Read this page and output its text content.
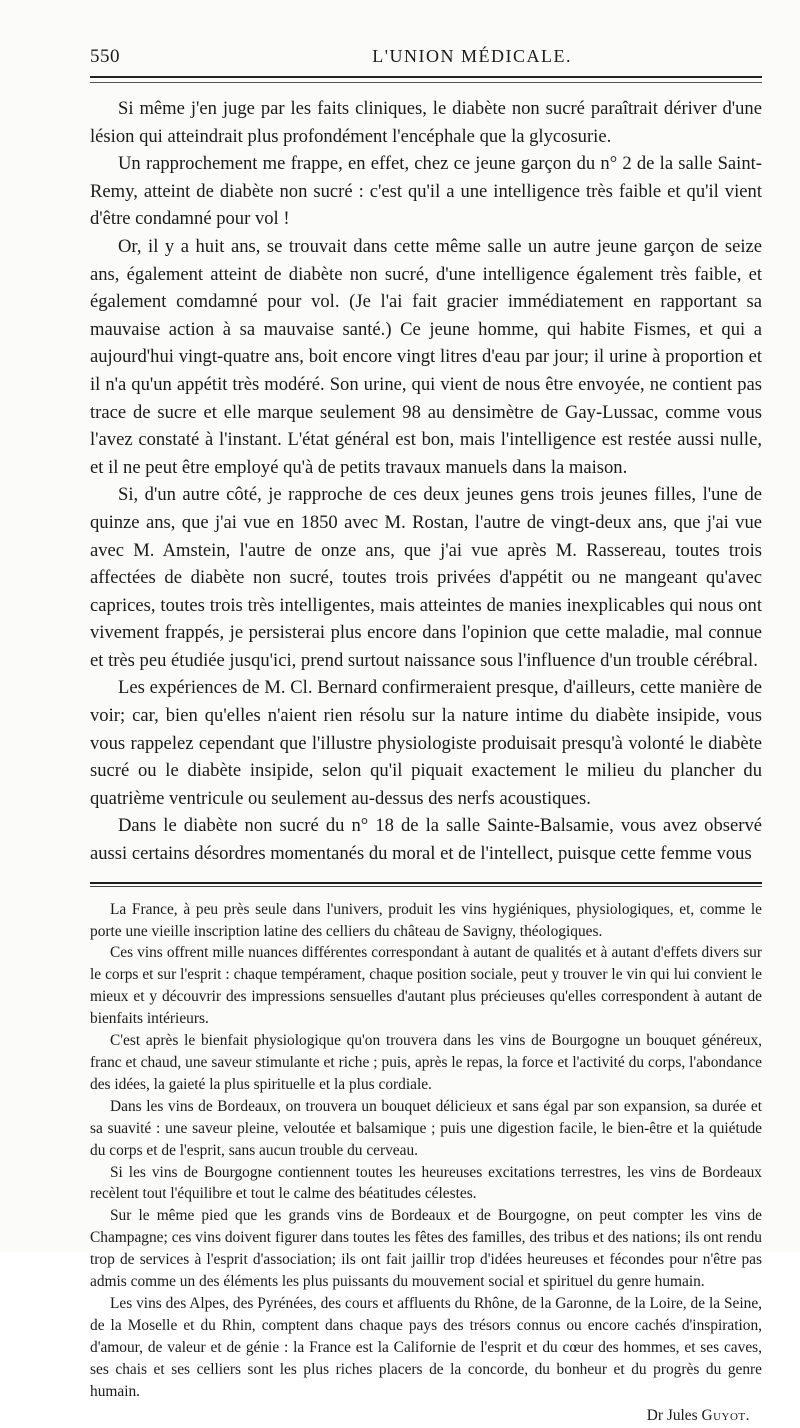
550	L'UNION MÉDICALE.

Si même j'en juge par les faits cliniques, le diabète non sucré paraîtrait dériver d'une lésion qui atteindrait plus profondément l'encéphale que la glycosurie.

Un rapprochement me frappe, en effet, chez ce jeune garçon du n° 2 de la salle Saint-Remy, atteint de diabète non sucré : c'est qu'il a une intelligence très faible et qu'il vient d'être condamné pour vol !

Or, il y a huit ans, se trouvait dans cette même salle un autre jeune garçon de seize ans, également atteint de diabète non sucré, d'une intelligence également très faible, et également comdamné pour vol. (Je l'ai fait gracier immédiatement en rapportant sa mauvaise action à sa mauvaise santé.) Ce jeune homme, qui habite Fismes, et qui a aujourd'hui vingt-quatre ans, boit encore vingt litres d'eau par jour; il urine à proportion et il n'a qu'un appétit très modéré. Son urine, qui vient de nous être envoyée, ne contient pas trace de sucre et elle marque seulement 98 au densimètre de Gay-Lussac, comme vous l'avez constaté à l'instant. L'état général est bon, mais l'intelligence est restée aussi nulle, et il ne peut être employé qu'à de petits travaux manuels dans la maison.

Si, d'un autre côté, je rapproche de ces deux jeunes gens trois jeunes filles, l'une de quinze ans, que j'ai vue en 1850 avec M. Rostan, l'autre de vingt-deux ans, que j'ai vue avec M. Amstein, l'autre de onze ans, que j'ai vue après M. Rassereau, toutes trois affectées de diabète non sucré, toutes trois privées d'appétit ou ne mangeant qu'avec caprices, toutes trois très intelligentes, mais atteintes de manies inexplicables qui nous ont vivement frappés, je persisterai plus encore dans l'opinion que cette maladie, mal connue et très peu étudiée jusqu'ici, prend surtout naissance sous l'influence d'un trouble cérébral.

Les expériences de M. Cl. Bernard confirmeraient presque, d'ailleurs, cette manière de voir; car, bien qu'elles n'aient rien résolu sur la nature intime du diabète insipide, vous vous rappelez cependant que l'illustre physiologiste produisait presqu'à volonté le diabète sucré ou le diabète insipide, selon qu'il piquait exactement le milieu du plancher du quatrième ventricule ou seulement au-dessus des nerfs acoustiques.

Dans le diabète non sucré du n° 18 de la salle Sainte-Balsamie, vous avez observé aussi certains désordres momentanés du moral et de l'intellect, puisque cette femme vous

La France, à peu près seule dans l'univers, produit les vins hygiéniques, physiologiques, et, comme le porte une vieille inscription latine des celliers du château de Savigny, théologiques.

Ces vins offrent mille nuances différentes correspondant à autant de qualités et à autant d'effets divers sur le corps et sur l'esprit : chaque tempérament, chaque position sociale, peut y trouver le vin qui lui convient le mieux et y découvrir des impressions sensuelles d'autant plus précieuses qu'elles correspondent à autant de bienfaits intérieurs.

C'est après le bienfait physiologique qu'on trouvera dans les vins de Bourgogne un bouquet généreux, franc et chaud, une saveur stimulante et riche ; puis, après le repas, la force et l'activité du corps, l'abondance des idées, la gaieté la plus spirituelle et la plus cordiale.

Dans les vins de Bordeaux, on trouvera un bouquet délicieux et sans égal par son expansion, sa durée et sa suavité : une saveur pleine, veloutée et balsamique ; puis une digestion facile, le bien-être et la quiétude du corps et de l'esprit, sans aucun trouble du cerveau.

Si les vins de Bourgogne contiennent toutes les heureuses excitations terrestres, les vins de Bordeaux recèlent tout l'équilibre et tout le calme des béatitudes célestes.

Sur le même pied que les grands vins de Bordeaux et de Bourgogne, on peut compter les vins de Champagne; ces vins doivent figurer dans toutes les fêtes des familles, des tribus et des nations; ils ont rendu trop de services à l'esprit d'association; ils ont fait jaillir trop d'idées heureuses et fécondes pour n'être pas admis comme un des éléments les plus puissants du mouvement social et spirituel du genre humain.

Les vins des Alpes, des Pyrénées, des cours et affluents du Rhône, de la Garonne, de la Loire, de la Seine, de la Moselle et du Rhin, comptent dans chaque pays des trésors connus ou encore cachés d'inspiration, d'amour, de valeur et de génie : la France est la Californie de l'esprit et du cœur des hommes, et ses caves, ses chais et ses celliers sont les plus riches placers de la concorde, du bonheur et du progrès du genre humain.

Dr Jules Guyot.
